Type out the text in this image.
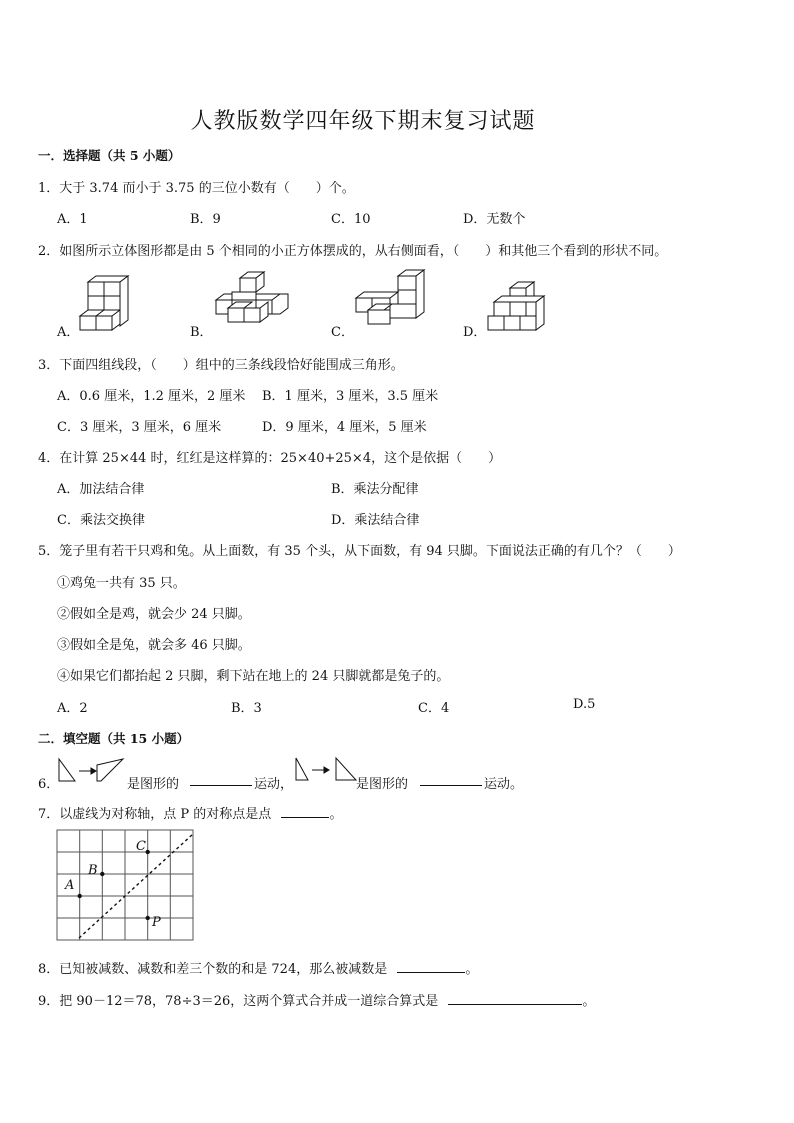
人教版数学四年级下期末复习试题
一．选择题（共 5 小题）
1．大于 3.74 而小于 3.75 的三位小数有（　　）个。
A．1	B．9	C．10	D．无数个
2．如图所示立体图形都是由 5 个相同的小正方体摆成的，从右侧面看，（　　）和其他三个看到的形状不同。
A．	B．	C．	D．
3．下面四组线段，（　　）组中的三条线段恰好能围成三角形。
A．0.6 厘米，1.2 厘米，2 厘米 B．1 厘米，3 厘米，3.5 厘米
C．3 厘米，3 厘米，6 厘米	D．9 厘米，4 厘米，5 厘米
4．在计算 25×44 时，红红是这样算的：25×40+25×4，这个是依据（　　）
A．加法结合律	B．乘法分配律
C．乘法交换律	D．乘法结合律
5．笼子里有若干只鸡和兔。从上面数，有 35 个头，从下面数，有 94 只脚。下面说法正确的有几个？（　　）
①鸡兔一共有 35 只。
②假如全是鸡，就会少 24 只脚。
③假如全是兔，就会多 46 只脚。
④如果它们都抬起 2 只脚，剩下站在地上的 24 只脚就都是兔子的。
A．2	B．3	C．4	D.5
二．填空题（共 15 小题）
6．	是图形的	运动，	是图形的	运动。
7．以虚线为对称轴，点 P 的对称点是点	。
A
B
C
P
8．已知被减数、减数和差三个数的和是 724，那么被减数是	。
9．把 90－12＝78，78÷3＝26，这两个算式合并成一道综合算式是	。
